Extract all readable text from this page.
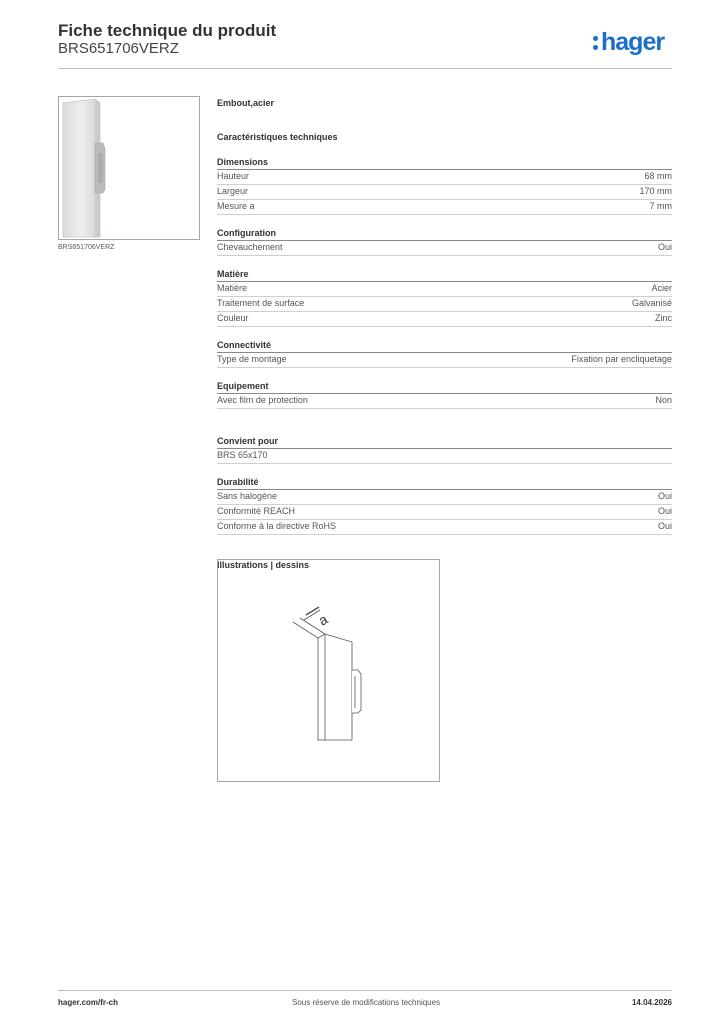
Fiche technique du produit
BRS651706VERZ	hager
BRS651706VERZ
Embout,acier
Caractéristiques techniques
Dimensions
Hauteur	68 mm
Largeur	170 mm
Mesure a	7 mm
Configuration
Chevauchement	Oui
Matière
Matière	Acier
Traitement de surface	Galvanisé
Couleur	Zinc
Connectivité
Type de montage	Fixation par encliquetage
Equipement
Avec film de protection	Non
Convient pour
BRS 65x170
Durabilité
Sans halogène	Oui
Conformité REACH	Oui
Conforme à la directive RoHS	Oui
Illustrations | dessins
a
hager.com/fr-ch	Sous réserve de modifications techniques	14.04.2026
